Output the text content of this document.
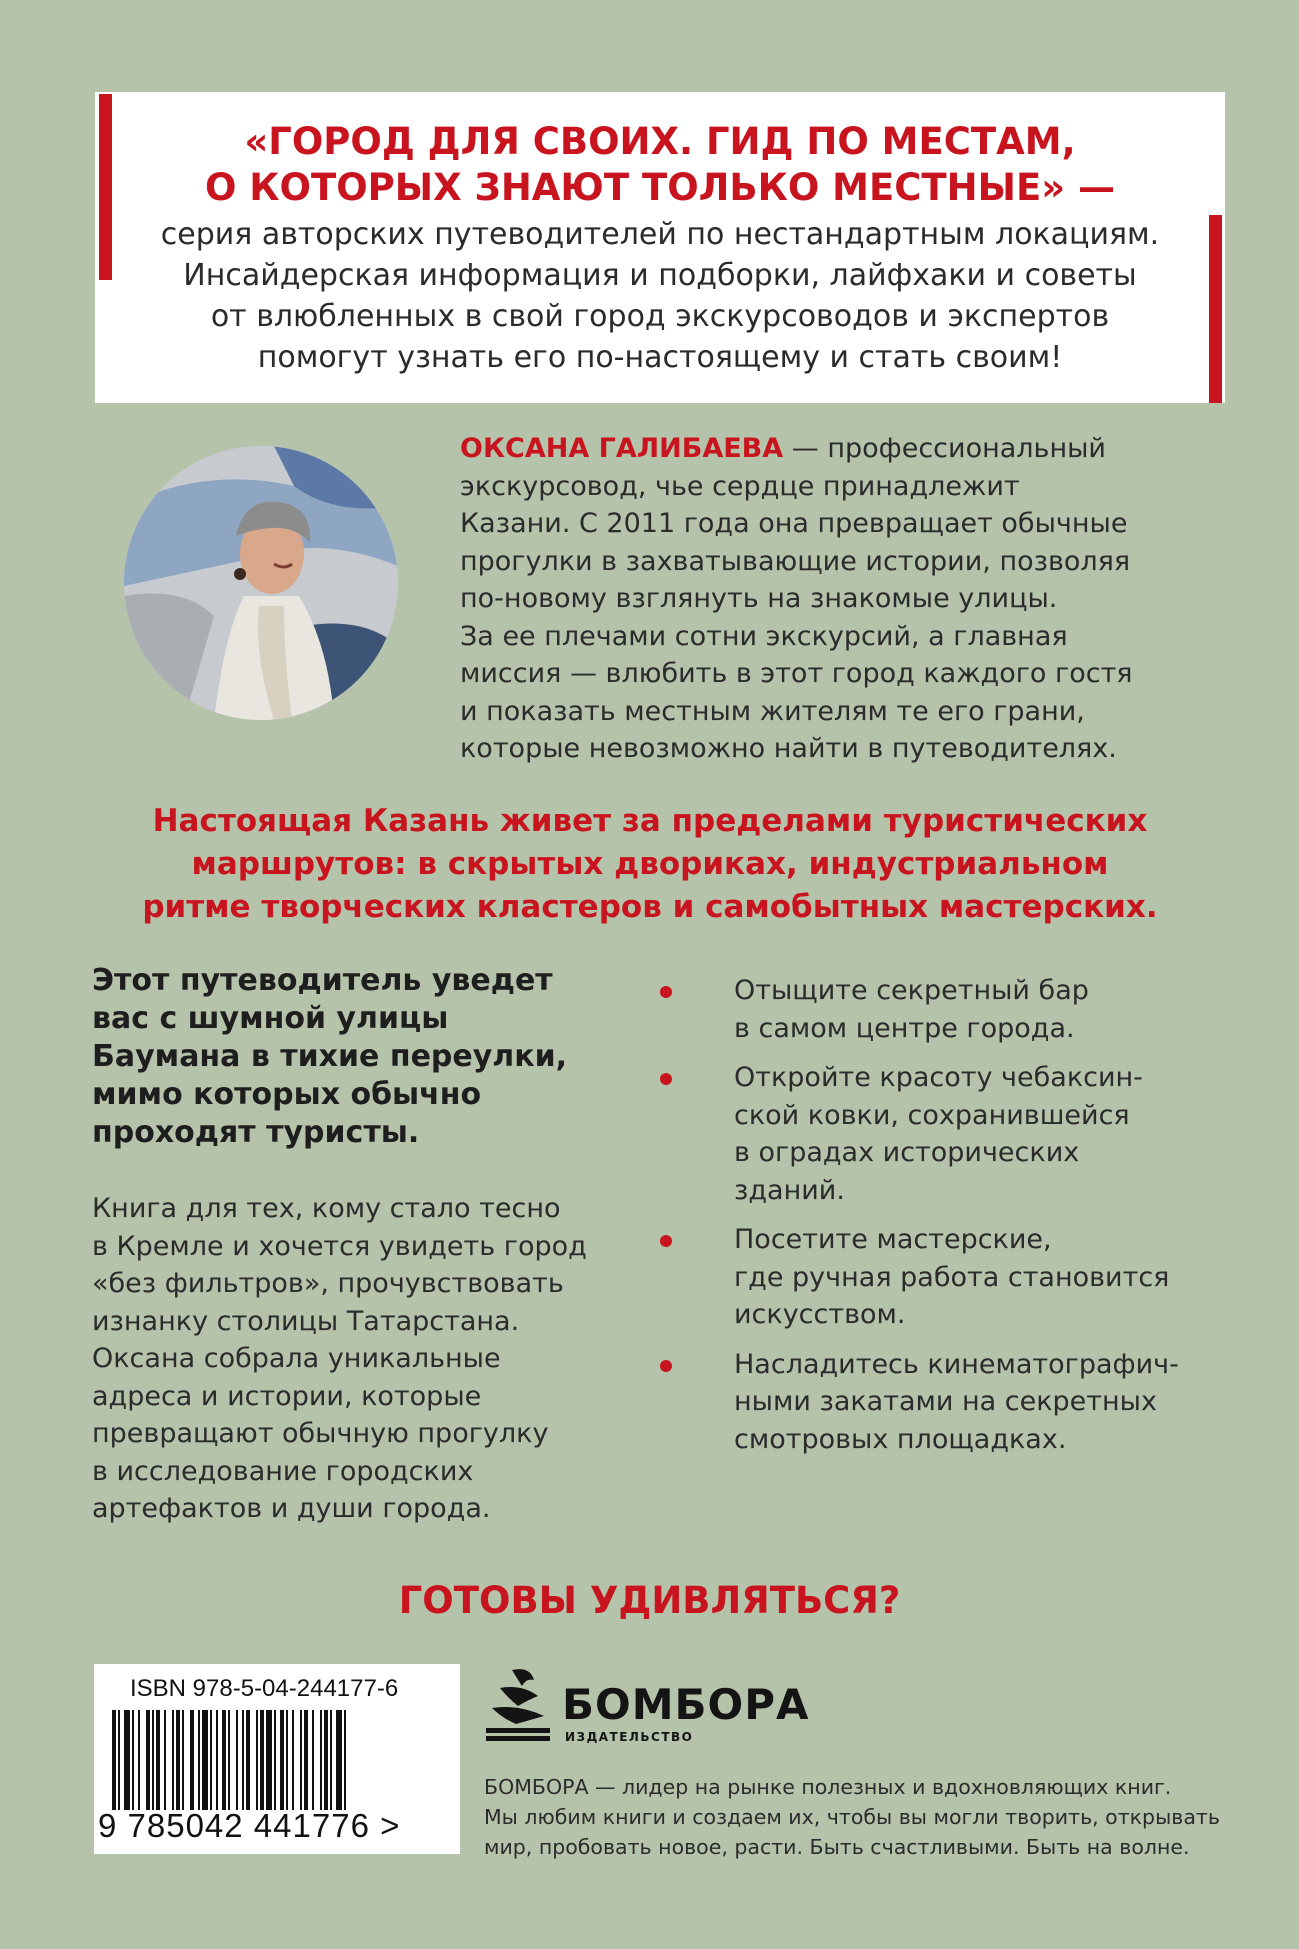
«ГОРОД ДЛЯ СВОИХ. ГИД ПО МЕСТАМ,
О КОТОРЫХ ЗНАЮТ ТОЛЬКО МЕСТНЫЕ» —
серия авторских путеводителей по нестандартным локациям.
Инсайдерская информация и подборки, лайфхаки и советы
от влюбленных в свой город экскурсоводов и экспертов
помогут узнать его по-настоящему и стать своим!
ОКСАНА ГАЛИБАЕВА — профессиональный
экскурсовод, чье сердце принадлежит
Казани. С 2011 года она превращает обычные
прогулки в захватывающие истории, позволяя
по-новому взглянуть на знакомые улицы.
За ее плечами сотни экскурсий, а главная
миссия — влюбить в этот город каждого гостя
и показать местным жителям те его грани,
которые невозможно найти в путеводителях.
Настоящая Казань живет за пределами туристических
маршрутов: в скрытых двориках, индустриальном
ритме творческих кластеров и самобытных мастерских.
Этот путеводитель уведет
вас с шумной улицы
Баумана в тихие переулки,
мимо которых обычно
проходят туристы.
Книга для тех, кому стало тесно
в Кремле и хочется увидеть город
«без фильтров», прочувствовать
изнанку столицы Татарстана.
Оксана собрала уникальные
адреса и истории, которые
превращают обычную прогулку
в исследование городских
артефактов и души города.
Отыщите секретный бар
в самом центре города.
Откройте красоту чебаксин-
ской ковки, сохранившейся
в оградах исторических
зданий.
Посетите мастерские,
где ручная работа становится
искусством.
Насладитесь кинематографич-
ными закатами на секретных
смотровых площадках.
ГОТОВЫ УДИВЛЯТЬСЯ?
ISBN 978-5-04-244177-6
9 785042 441776 >
БОМБОРА
ИЗДАТЕЛЬСТВО
БОМБОРА — лидер на рынке полезных и вдохновляющих книг.
Мы любим книги и создаем их, чтобы вы могли творить, открывать
мир, пробовать новое, расти. Быть счастливыми. Быть на волне.
